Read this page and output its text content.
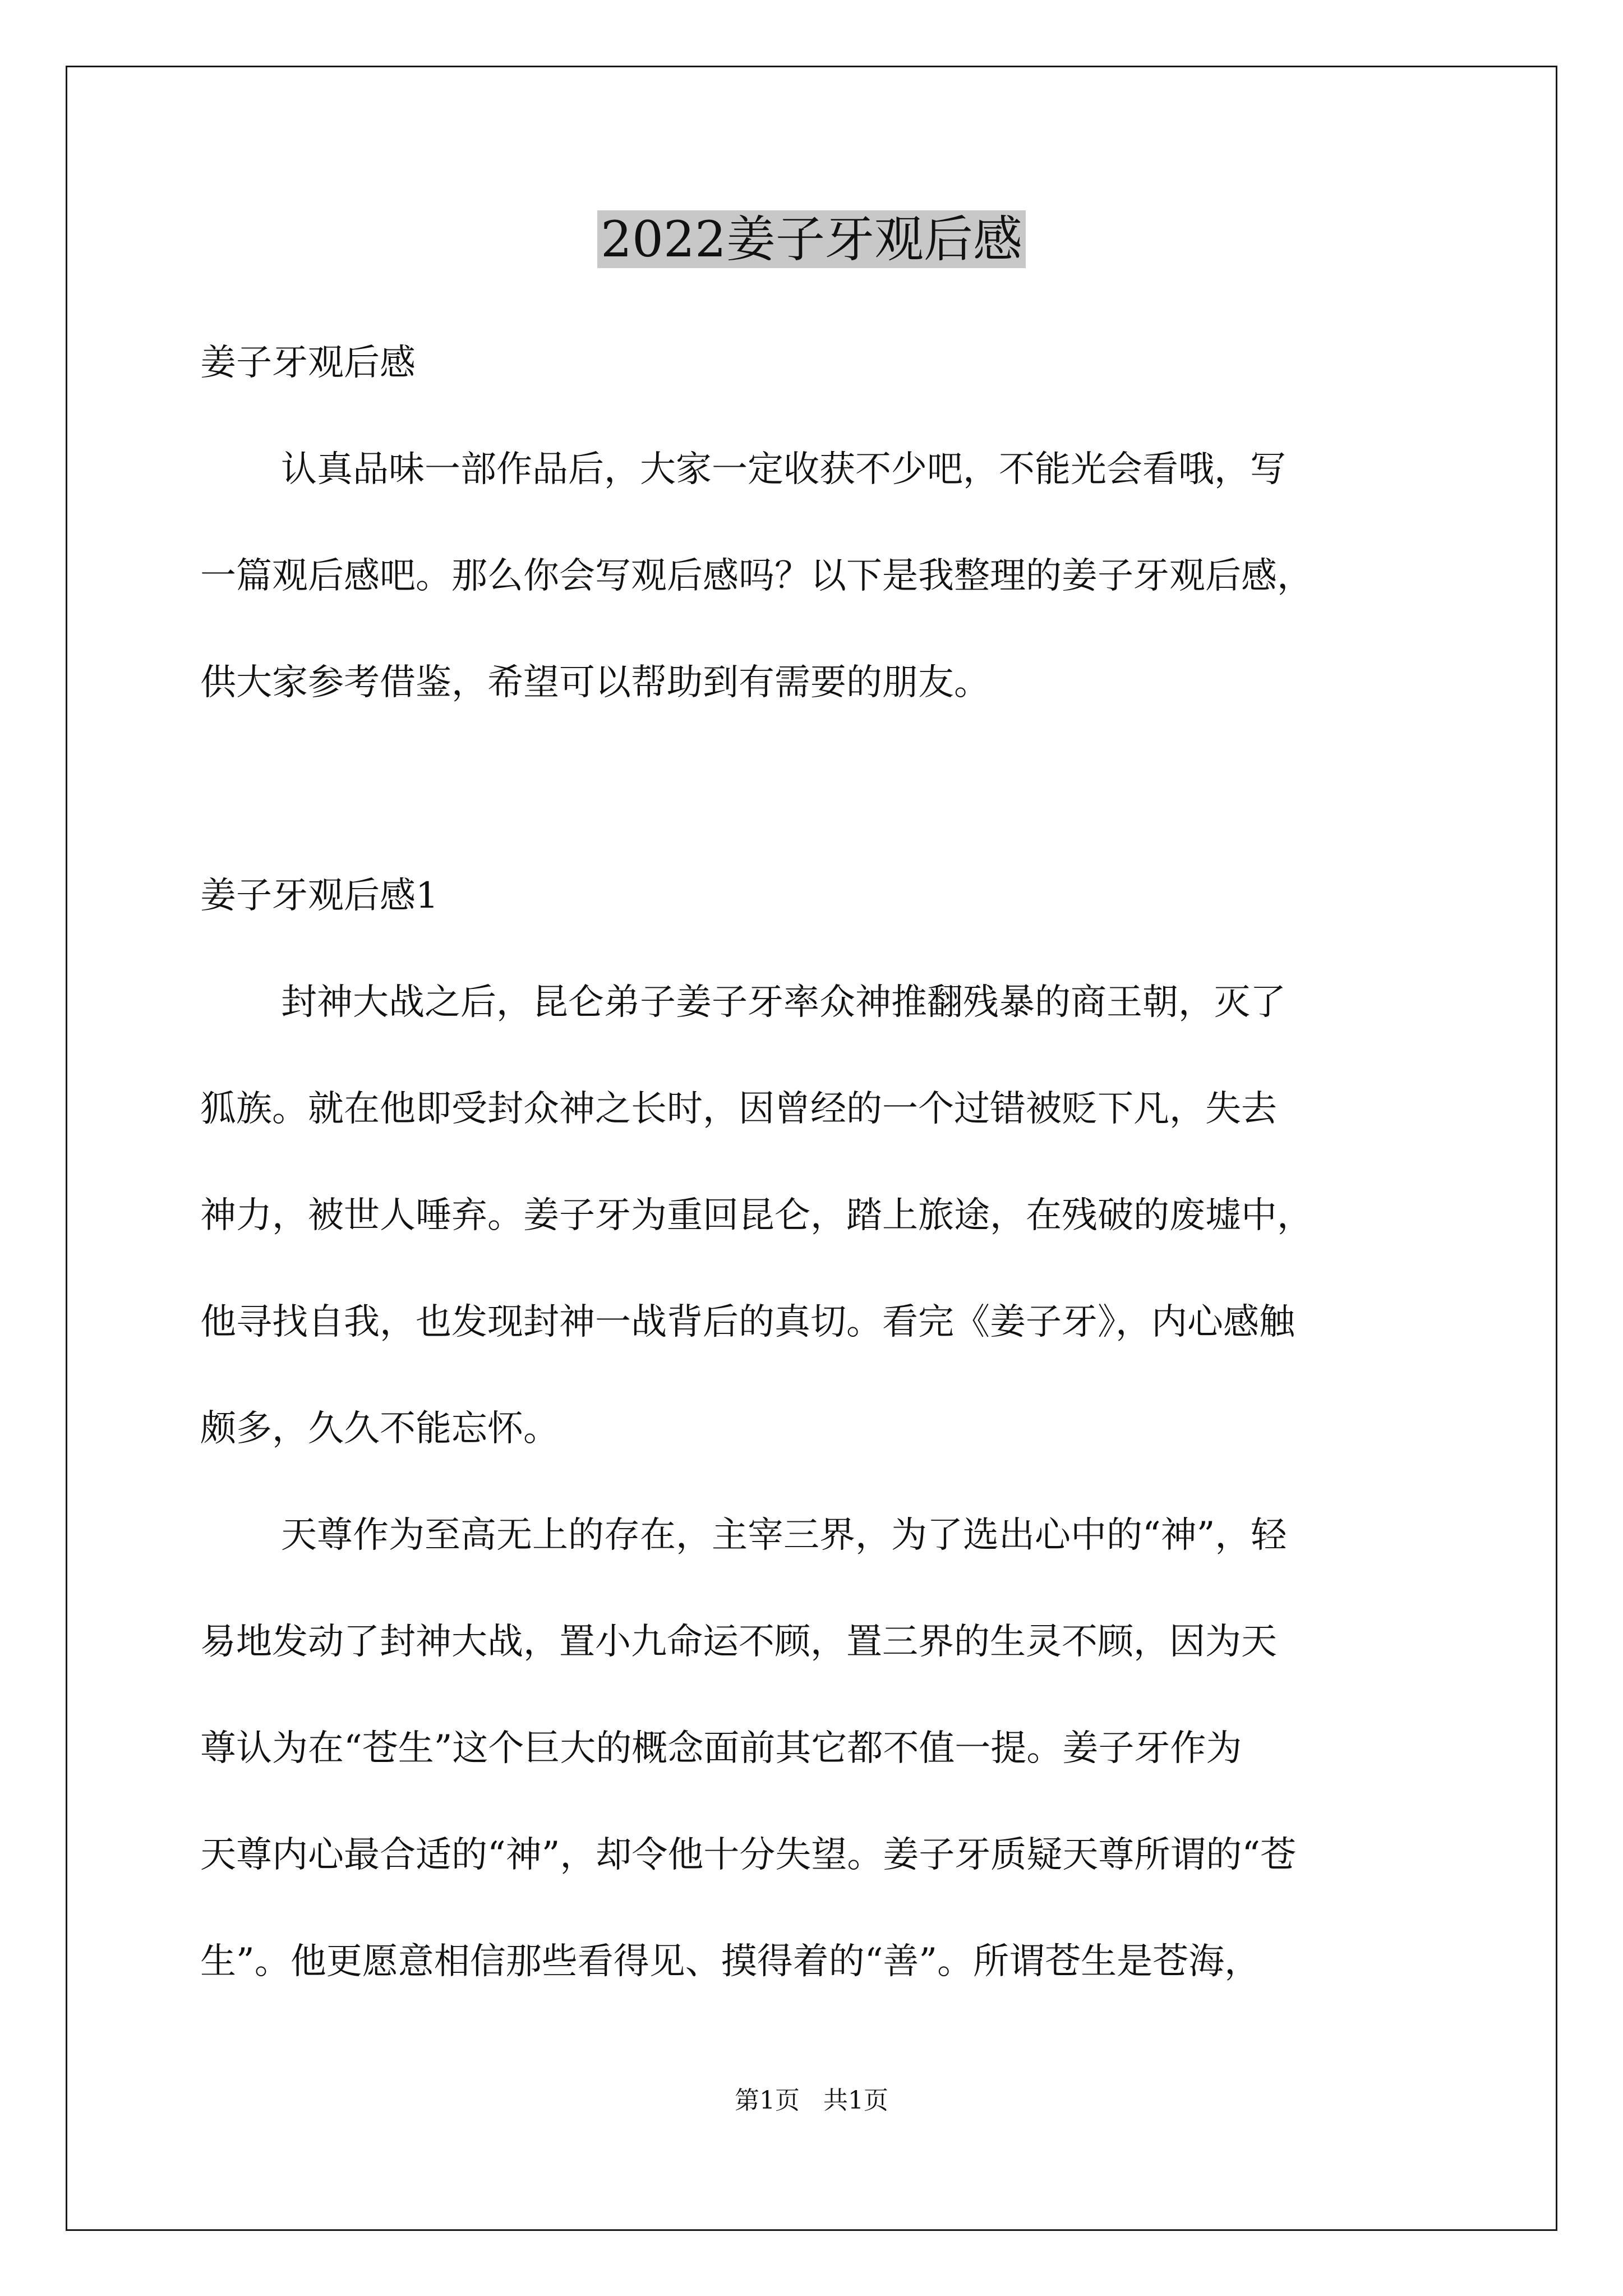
2022姜子牙观后感
姜子牙观后感
认真品味一部作品后，大家一定收获不少吧，不能光会看哦，写
一篇观后感吧。那么你会写观后感吗？以下是我整理的姜子牙观后感，
供大家参考借鉴，希望可以帮助到有需要的朋友。
姜子牙观后感1
封神大战之后，昆仑弟子姜子牙率众神推翻残暴的商王朝，灭了
狐族。就在他即受封众神之长时，因曾经的一个过错被贬下凡，失去
神力，被世人唾弃。姜子牙为重回昆仑，踏上旅途，在残破的废墟中，
他寻找自我，也发现封神一战背后的真切。看完《姜子牙》，内心感触
颇多，久久不能忘怀。
天尊作为至高无上的存在，主宰三界，为了选出心中的“神”，轻
易地发动了封神大战，置小九命运不顾，置三界的生灵不顾，因为天
尊认为在“苍生”这个巨大的概念面前其它都不值一提。姜子牙作为
天尊内心最合适的“神”，却令他十分失望。姜子牙质疑天尊所谓的“苍
生”。他更愿意相信那些看得见、摸得着的“善”。所谓苍生是苍海，
第1页   共1页
